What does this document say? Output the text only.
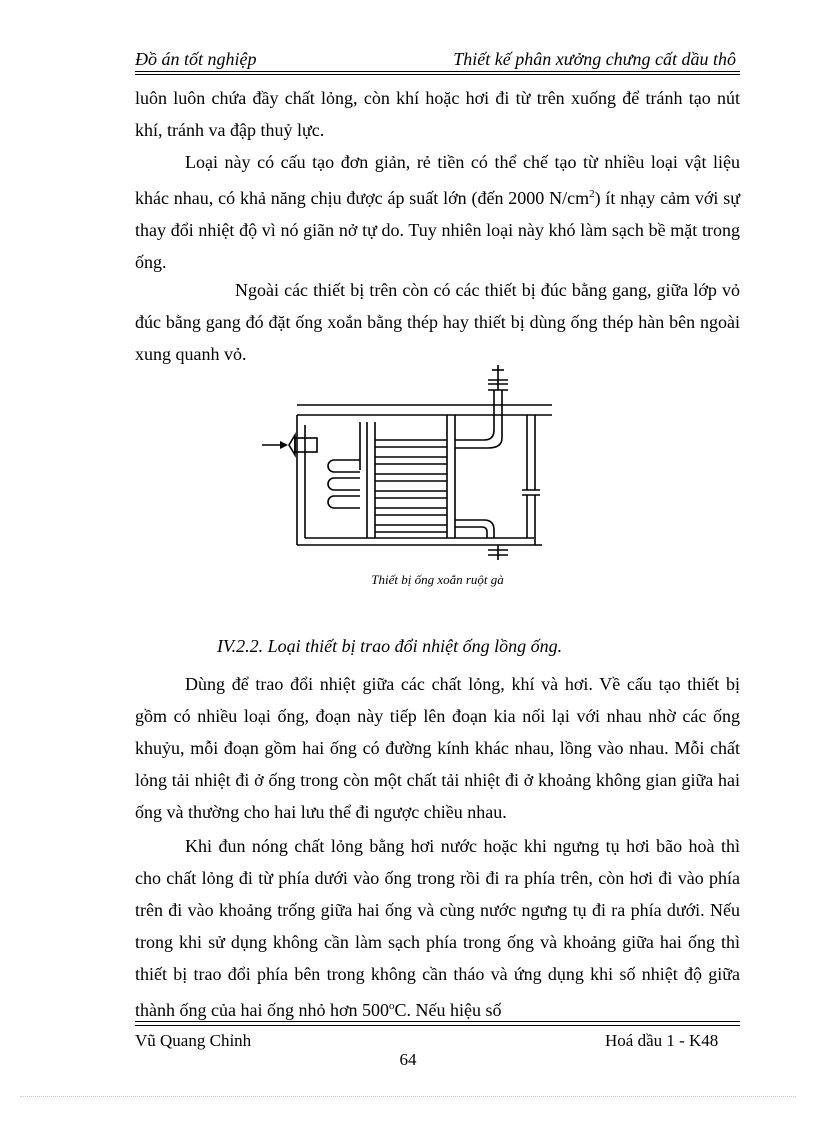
Đồ án tốt nghiệp	Thiết kế phân xưởng chưng cất dầu thô

luôn luôn chứa đầy chất lỏng, còn khí hoặc hơi đi từ trên xuống để tránh tạo nút khí, tránh va đập thuỷ lực.

Loại này có cấu tạo đơn giản, rẻ tiền có thể chế tạo từ nhiều loại vật liệu khác nhau, có khả năng chịu được áp suất lớn (đến 2000 $N/cm^2$) ít nhạy cảm với sự thay đổi nhiệt độ vì nó giãn nở tự do. Tuy nhiên loại này khó làm sạch bề mặt trong ống.

Ngoài các thiết bị trên còn có các thiết bị đúc bằng gang, giữa lớp vỏ đúc bằng gang đó đặt ống xoắn bằng thép hay thiết bị dùng ống thép hàn bên ngoài xung quanh vỏ.

Thiết bị ống xoắn ruột gà
IV.2.2. Loại thiết bị trao đổi nhiệt ống lồng ống.

Dùng để trao đổi nhiệt giữa các chất lỏng, khí và hơi. Về cấu tạo thiết bị gồm có nhiều loại ống, đoạn này tiếp lên đoạn kia nối lại với nhau nhờ các ống khuỷu, mỗi đoạn gồm hai ống có đường kính khác nhau, lồng vào nhau. Mỗi chất lỏng tải nhiệt đi ở ống trong còn một chất tải nhiệt đi ở khoảng không gian giữa hai ống và thường cho hai lưu thể đi ngược chiều nhau.

Khi đun nóng chất lỏng bằng hơi nước hoặc khi ngưng tụ hơi bão hoà thì cho chất lỏng đi từ phía dưới vào ống trong rồi đi ra phía trên, còn hơi đi vào phía trên đi vào khoảng trống giữa hai ống và cùng nước ngưng tụ đi ra phía dưới. Nếu trong khi sử dụng không cần làm sạch phía trong ống và khoảng giữa hai ống thì thiết bị trao đổi phía bên trong không cần tháo và ứng dụng khi số nhiệt độ giữa thành ống của hai ống nhỏ hơn 500$^o$C. Nếu hiệu số

Vũ Quang Chỉnh	Hoá dầu 1 - K48
64
